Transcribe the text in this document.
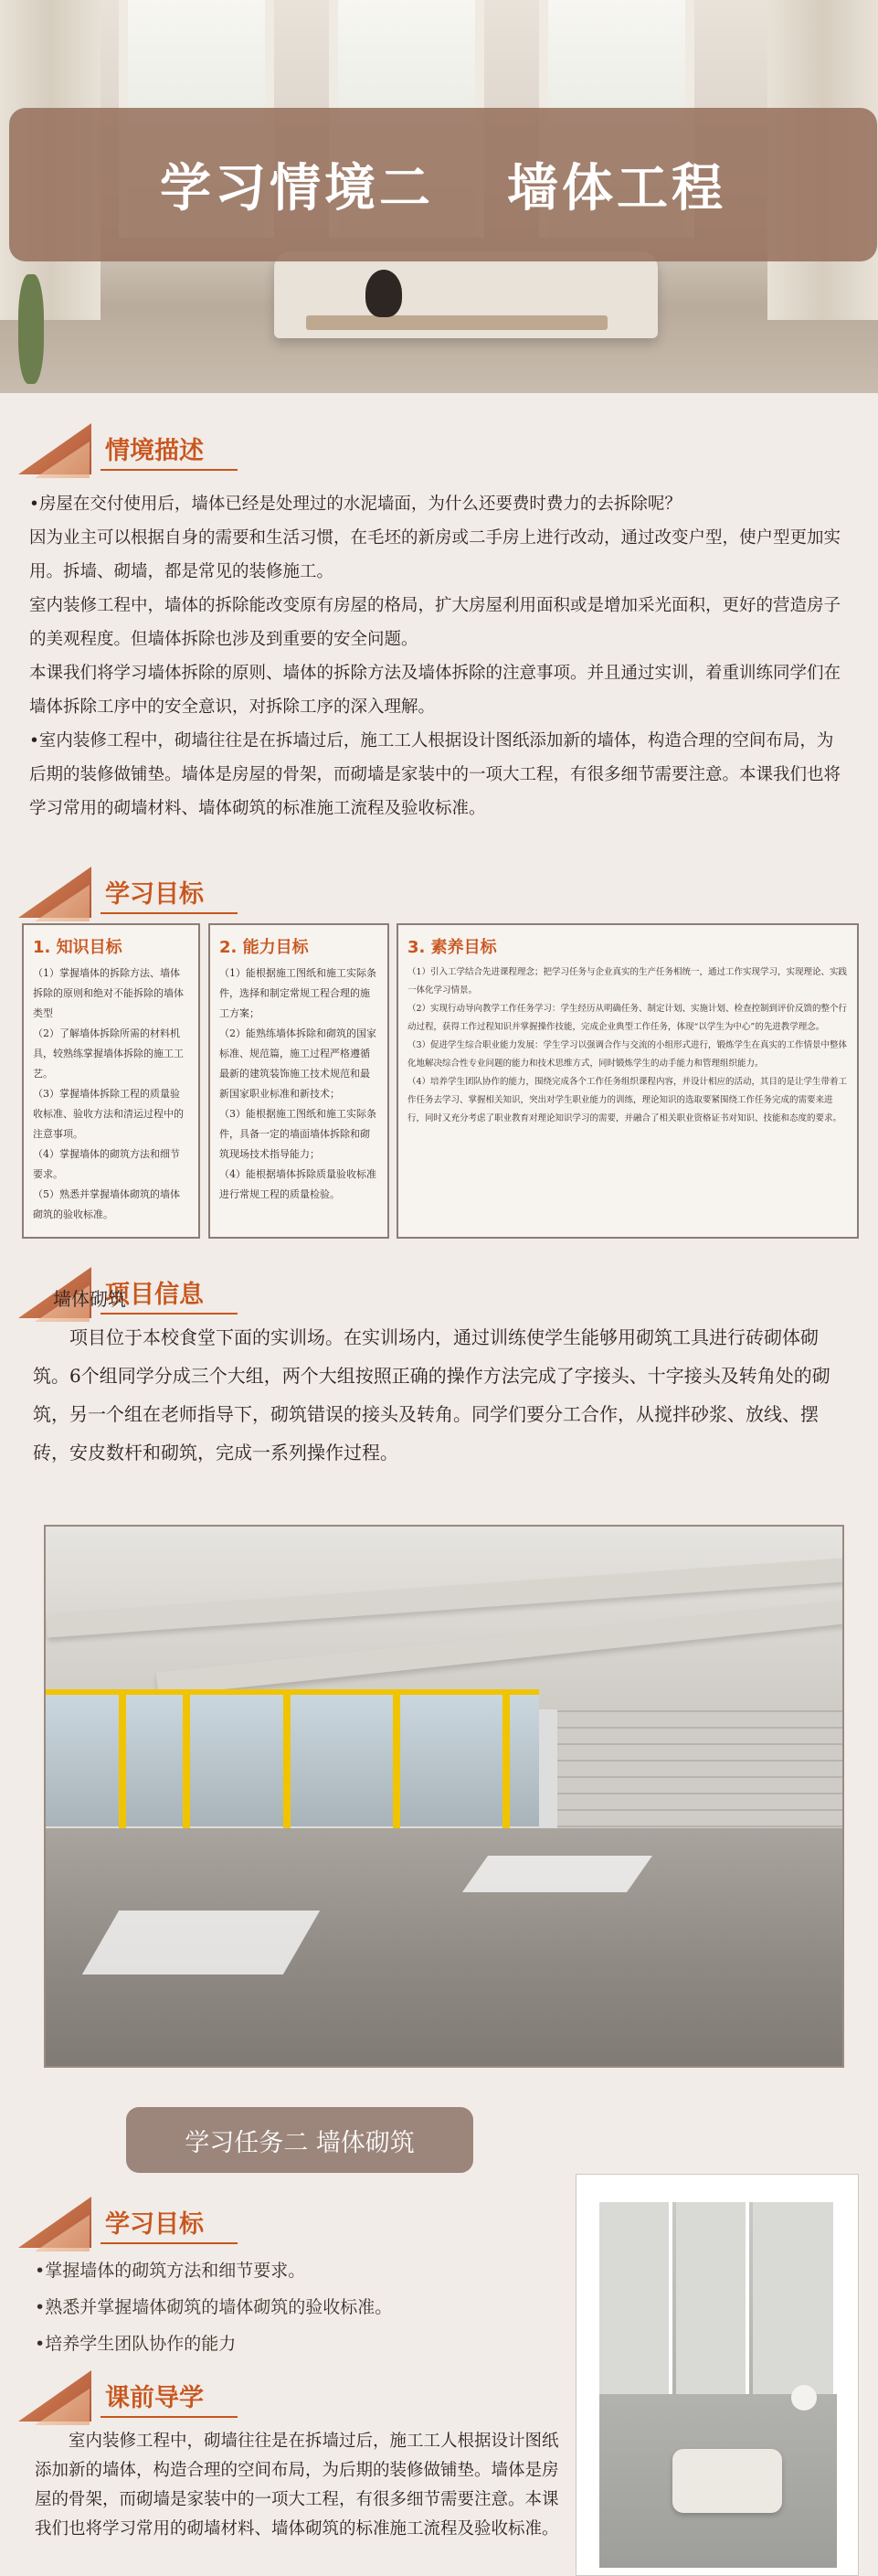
学习情境二 墙体工程
情境描述

•房屋在交付使用后，墙体已经是处理过的水泥墙面，为什么还要费时费力的去拆除呢？

因为业主可以根据自身的需要和生活习惯，在毛坯的新房或二手房上进行改动，通过改变户型，使户型更加实用。拆墙、砌墙，都是常见的装修施工。

室内装修工程中，墙体的拆除能改变原有房屋的格局，扩大房屋利用面积或是增加采光面积，更好的营造房子的美观程度。但墙体拆除也涉及到重要的安全问题。

本课我们将学习墙体拆除的原则、墙体的拆除方法及墙体拆除的注意事项。并且通过实训，着重训练同学们在墙体拆除工序中的安全意识，对拆除工序的深入理解。

•室内装修工程中，砌墙往往是在拆墙过后，施工工人根据设计图纸添加新的墙体，构造合理的空间布局，为后期的装修做铺垫。墙体是房屋的骨架，而砌墙是家装中的一项大工程，有很多细节需要注意。本课我们也将学习常用的砌墙材料、墙体砌筑的标准施工流程及验收标准。

学习目标
1. 知识目标

（1）掌握墙体的拆除方法、墙体拆除的原则和绝对不能拆除的墙体类型
（2）了解墙体拆除所需的材料机具，较熟练掌握墙体拆除的施工工艺。
（3）掌握墙体拆除工程的质量验收标准、验收方法和清运过程中的注意事项。
（4）掌握墙体的砌筑方法和细节要求。
（5）熟悉并掌握墙体砌筑的墙体砌筑的验收标准。

2. 能力目标

（1）能根据施工图纸和施工实际条件，选择和制定常规工程合理的施工方案；
（2）能熟练墙体拆除和砌筑的国家标准、规范篇，施工过程严格遵循最新的建筑装饰施工技术规范和最新国家职业标准和新技术；
（3）能根据施工图纸和施工实际条件，具备一定的墙面墙体拆除和砌筑现场技术指导能力；
（4）能根据墙体拆除质量验收标准进行常规工程的质量检验。

3. 素养目标

（1）引入工学结合先进课程理念；把学习任务与企业真实的生产任务相统一，通过工作实现学习，实现理论、实践一体化学习情景。
（2）实现行动导向教学工作任务学习：学生经历从明确任务、制定计划、实施计划、检查控制到评价反馈的整个行动过程，获得工作过程知识并掌握操作技能，完成企业典型工作任务，体现“以学生为中心”的先进教学理念。
（3）促进学生综合职业能力发展：学生学习以强调合作与交流的小组形式进行，锻炼学生在真实的工作情景中整体化地解决综合性专业问题的能力和技术思维方式，同时锻炼学生的动手能力和管理组织能力。
（4）培养学生团队协作的能力，围绕完成各个工作任务组织课程内容，并设计相应的活动，其目的是让学生带着工作任务去学习、掌握相关知识，突出对学生职业能力的训练，理论知识的选取要紧围绕工作任务完成的需要来进行，同时又充分考虑了职业教育对理论知识学习的需要，并融合了相关职业资格证书对知识、技能和态度的要求。

项目信息

墙体砌筑

项目位于本校食堂下面的实训场。在实训场内，通过训练使学生能够用砌筑工具进行砖砌体砌筑。6个组同学分成三个大组，两个大组按照正确的操作方法完成了字接头、十字接头及转角处的砌筑，另一个组在老师指导下，砌筑错误的接头及转角。同学们要分工合作，从搅拌砂浆、放线、摆砖，安皮数杆和砌筑，完成一系列操作过程。

学习任务二 墙体砌筑
学习目标

•掌握墙体的砌筑方法和细节要求。

•熟悉并掌握墙体砌筑的墙体砌筑的验收标准。

•培养学生团队协作的能力

课前导学
室内装修工程中，砌墙往往是在拆墙过后，施工工人根据设计图纸添加新的墙体，构造合理的空间布局，为后期的装修做铺垫。墙体是房屋的骨架，而砌墙是家装中的一项大工程，有很多细节需要注意。本课我们也将学习常用的砌墙材料、墙体砌筑的标准施工流程及验收标准。
